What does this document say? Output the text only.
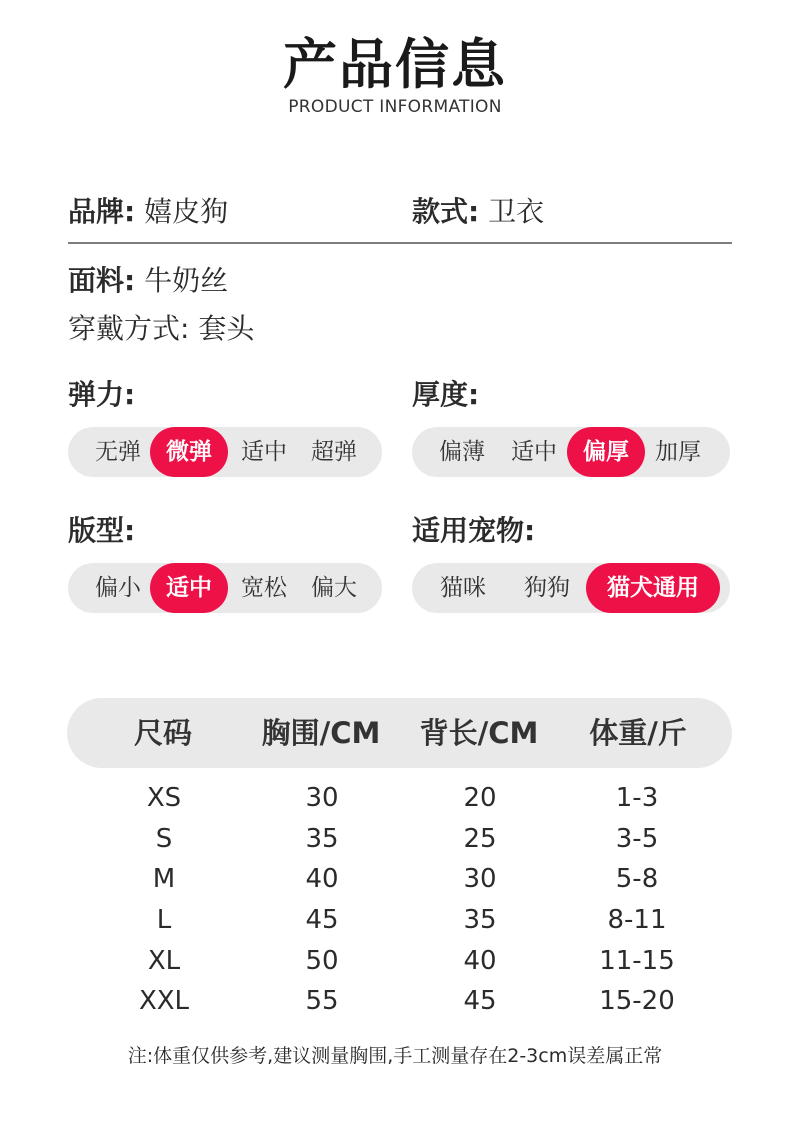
产品信息
PRODUCT INFORMATION
品牌: 嬉皮狗	款式: 卫衣
面料: 牛奶丝
穿戴方式: 套头
弹力:
无弹	微弹	适中	超弹
厚度:
偏薄	适中	偏厚	加厚
版型:
偏小	适中	宽松	偏大
适用宠物:
猫咪	狗狗	猫犬通用
尺码	胸围/CM	背长/CM	体重/斤
XS	30	20	1-3
S	35	25	3-5
M	40	30	5-8
L	45	35	8-11
XL	50	40	11-15
XXL	55	45	15-20
注:体重仅供参考,建议测量胸围,手工测量存在2-3cm误差属正常
